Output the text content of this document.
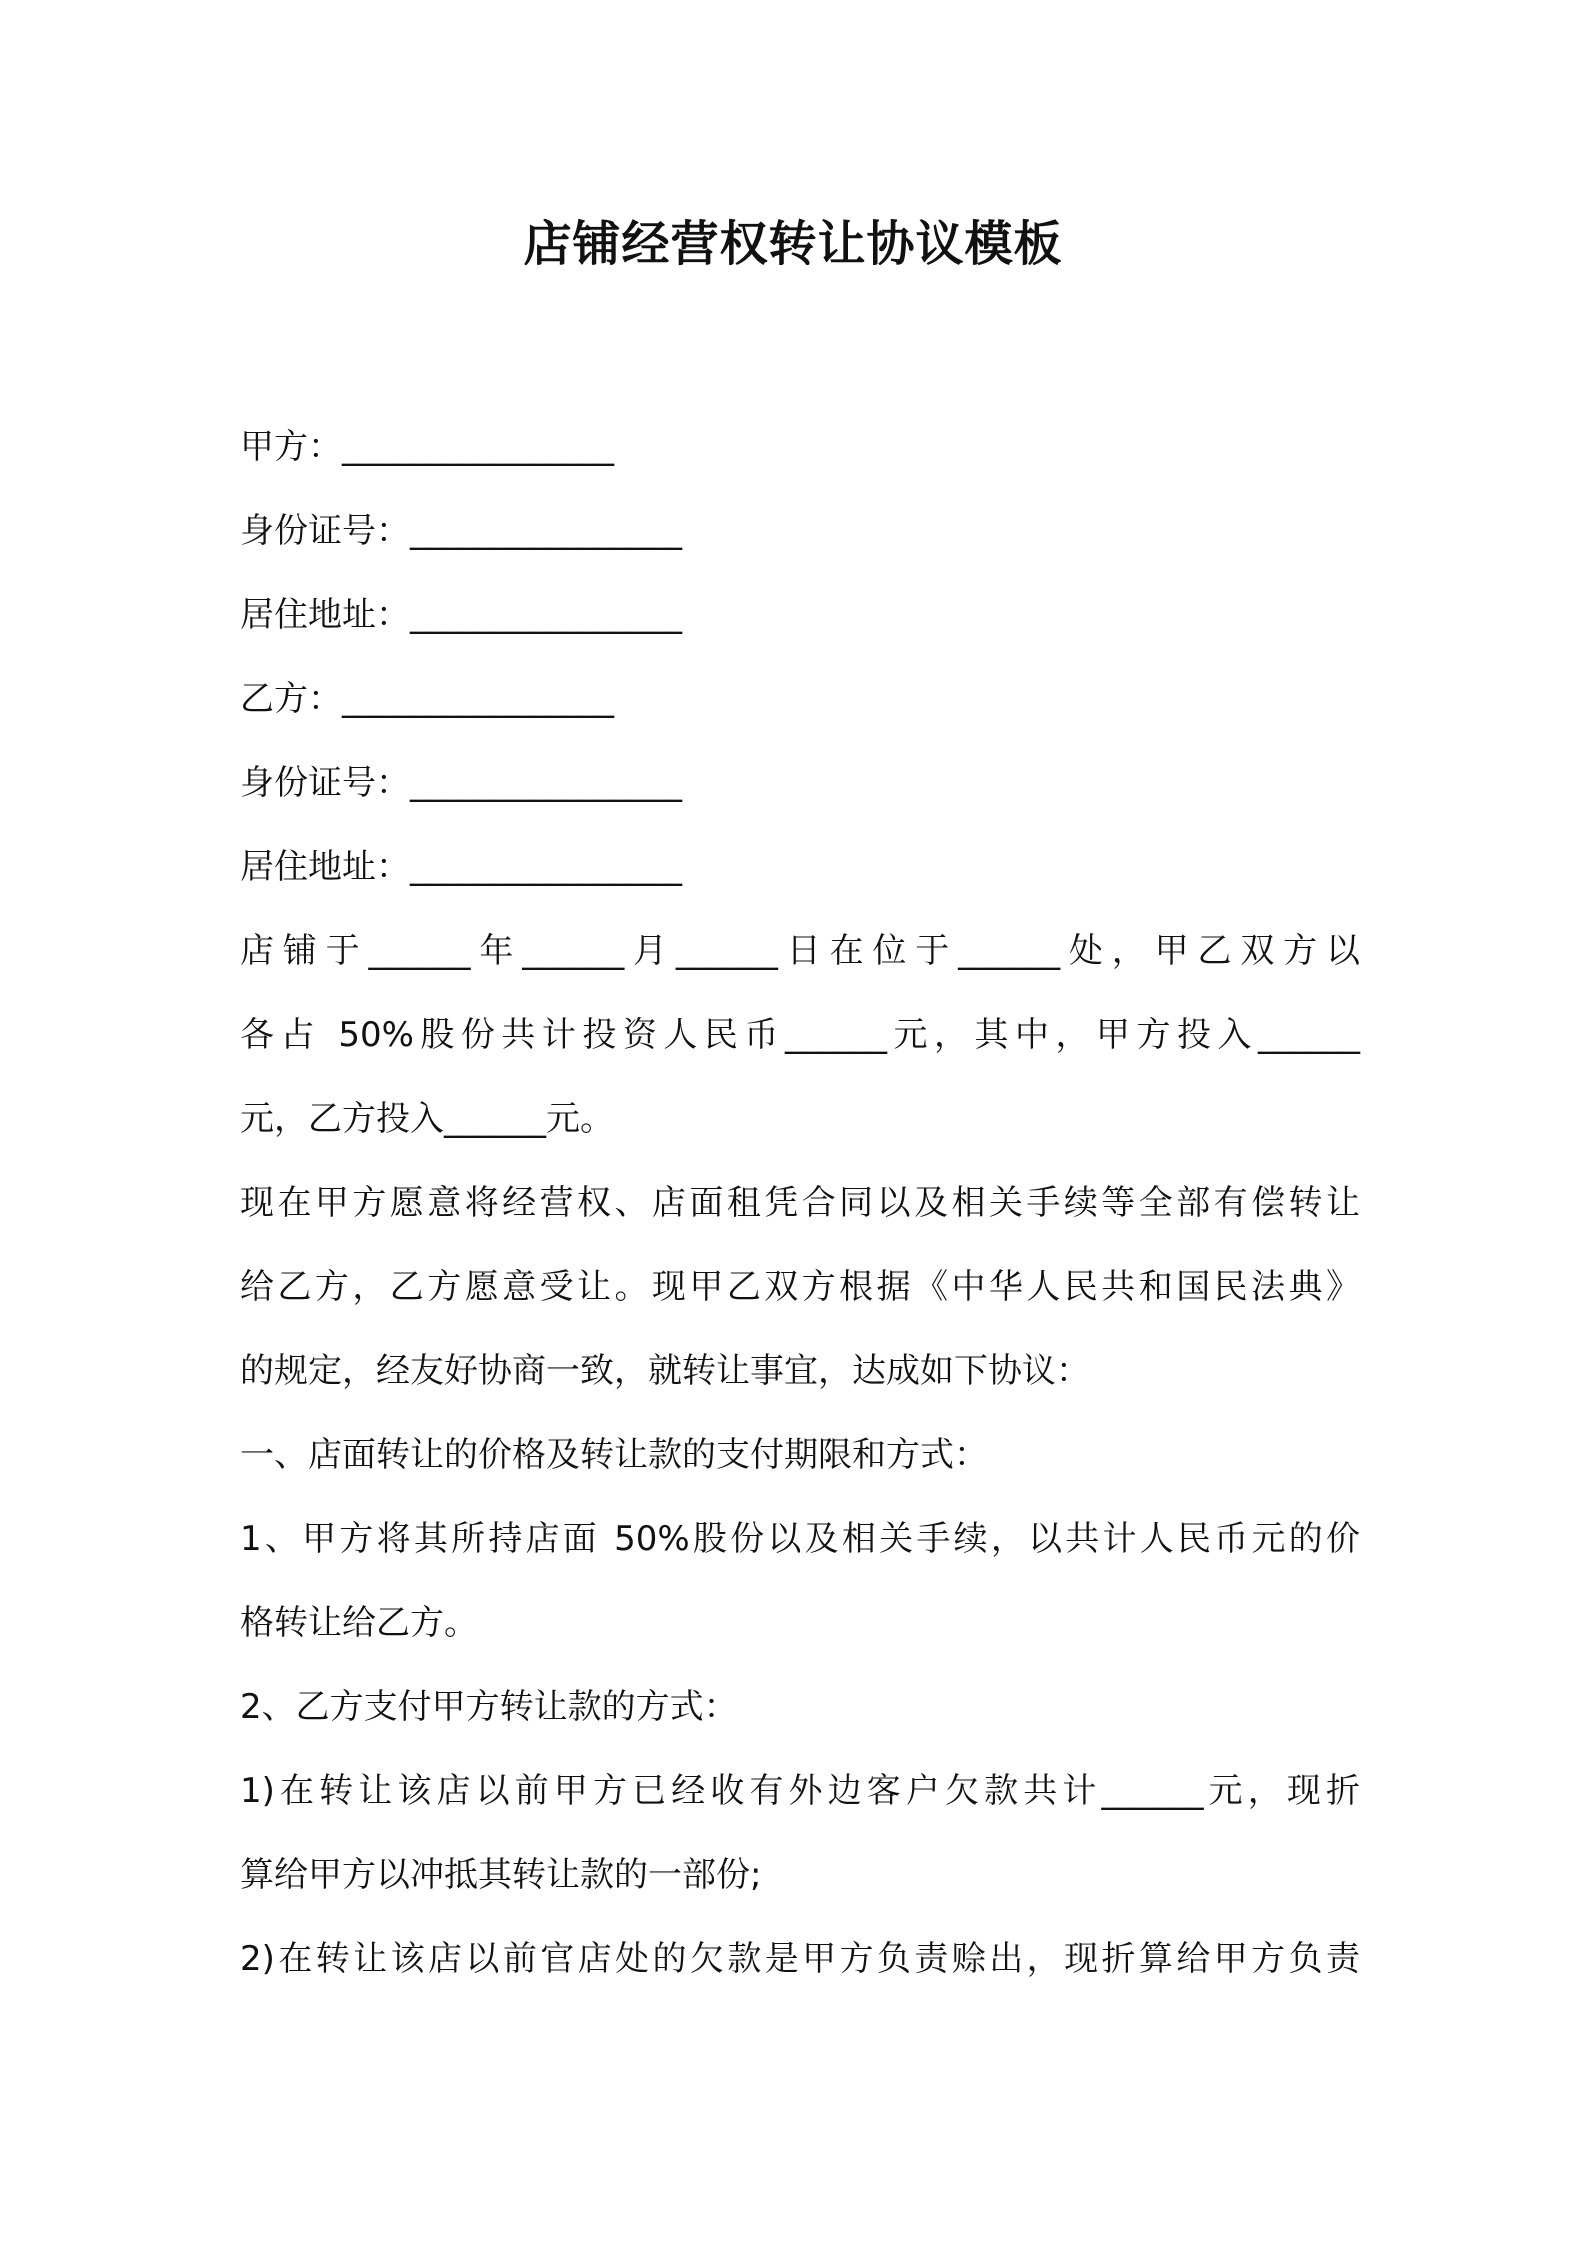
店铺经营权转让协议模板
甲方：________________
身份证号：________________
居住地址：________________
乙方：________________
身份证号：________________
居住地址：________________
店铺于______年______月______日在位于______处，甲乙双方以
各占 50%股份共计投资人民币______元，其中，甲方投入______
元，乙方投入______元。
现在甲方愿意将经营权、店面租凭合同以及相关手续等全部有偿转让
给乙方，乙方愿意受让。现甲乙双方根据《中华人民共和国民法典》
的规定，经友好协商一致，就转让事宜，达成如下协议：
一、店面转让的价格及转让款的支付期限和方式：
1、甲方将其所持店面 50%股份以及相关手续，以共计人民币元的价
格转让给乙方。
2、乙方支付甲方转让款的方式：
1)在转让该店以前甲方已经收有外边客户欠款共计______元，现折
算给甲方以冲抵其转让款的一部份;
2)在转让该店以前官店处的欠款是甲方负责赊出，现折算给甲方负责
